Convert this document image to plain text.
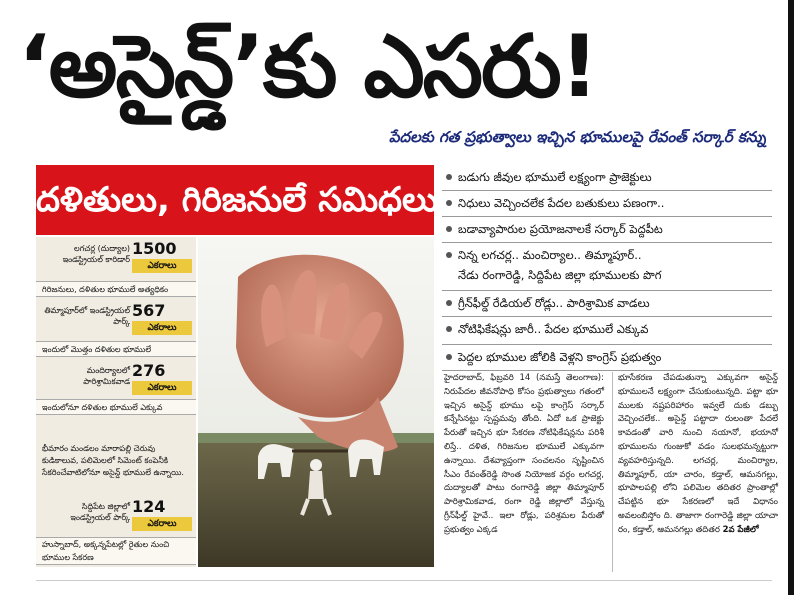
‘అసైన్డ్’కు ఎసరు!
పేదలకు గత ప్రభుత్వాలు ఇచ్చిన భూములపై రేవంత్ సర్కార్ కన్ను
దళితులు, గిరిజనులే సమిధలు
లగచర్ల (దుద్యాల) ఇండస్ట్రియల్ కారిడార్
1500
ఎకరాలు
గిరిజనులు, దళితుల భూములే అత్యధికం
తిమ్మాపూర్‌లో ఇండస్ట్రియల్ పార్క్
567
ఎకరాలు
ఇందులో మొత్తం దళితుల భూములే
మందిర్యాలలో పారిశ్రామికవాడ
276
ఎకరాలు
ఇందులోనూ దళితుల భూములే ఎక్కువ
సిద్దిపేట జిల్లాలో ఇండస్ట్రియల్ పార్క్
124
ఎకరాలు
హుస్నాబాద్, అక్కన్నపేటల్లో రైతుల నుంచి భూముల సేకరణ
భీమారం మండలం మారాపల్లి చెరువు కుడికాలువ, పలిమెలలో సిమెంట్ కంపెనీకి సేకరించేవాటిలోనూ అసైన్డ్ భూములే ఉన్నాయి.
బడుగు జీవుల భూములే లక్ష్యంగా ప్రాజెక్టులు
నిధులు వెచ్చించలేక పేదల బతుకులు పణంగా..
బడావ్యాపారుల ప్రయోజనాలకే సర్కార్ పెద్దపీట
నిన్న లగచర్ల.. మంచిర్యాల.. తిమ్మాపూర్..
నేడు రంగారెడ్డి, సిద్దిపేట జిల్లా భూములకు పొగ
గ్రీన్‌ఫీల్డ్ రేడియల్ రోడ్లు.. పారిశ్రామిక వాడలు
నోటిఫికేషన్లు జారీ.. పేదల భూములే ఎక్కువ
పెద్దల భూముల జోలికి వెళ్లని కాంగ్రెస్ ప్రభుత్వం
హైదరాబాద్, ఫిబ్రవరి 14 (నమస్తే తెలంగాణ): నిరుపేదల జీవనోపాధి కోసం ప్రభుత్వాలు గతంలో ఇచ్చిన అసైన్డ్ భూము లపై కాంగ్రెస్ సర్కార్ కన్నేసినట్టు స్పష్టమవు తోంది. ఏదో ఒక ప్రాజెక్టు పేరుతో ఇచ్చిన భూ సేకరణ నోటిఫికేషన్లను పరిశీ లిస్తే.. దళిత, గిరిజనుల భూములే ఎక్కువగా ఉన్నాయి. దేశవ్యాప్తంగా సంచలనం సృష్టించిన సీఎం రేవంత్‌రెడ్డి సొంత నియోజక వర్గం లగచర్ల, దుద్యాలతో పాటు రంగారెడ్డి జిల్లా తిమ్మాపూర్ పారిశ్రామికవాడ, రంగా రెడ్డి జిల్లాలో వేస్తున్న గ్రీన్‌ఫీల్డ్ హైవే.. ఇలా రోడ్లు, పరిశ్రమల పేరుతో ప్రభుత్వం ఎక్కడ
భూసేకరణ చేపడుతున్నా ఎక్కువగా అసైన్డ్ భూములనే లక్ష్యంగా చేసుకుంటున్నది. పట్టా భూ ములకు నష్టపరిహారం ఇవ్వలే దుకు డబ్బు వెచ్చించలేక.. అసైన్డ్ పట్టాదా రులంతా పేదలే కావడంతో వారి నుంచి నయానో, భయానో భూములను గుంజుకో వడం సులభమన్నట్టుగా వ్యవహరిస్తున్నది. లగచర్ల, మంచిర్యాల, తిమ్మాపూర్, యా చారం, కడ్తాల్, ఆమనగల్లు, భూపాలపల్లి లోని పలిమెల తదితర ప్రాంతాల్లో చేపట్టిన భూ సేకరణలో ఇదే విధానం అవలంబిస్తోం ది. తాజాగా రంగారెడ్డి జిల్లా యాచా రం, కడ్తాల్, ఆమనగల్లు తదితర 2వ పేజీలో
